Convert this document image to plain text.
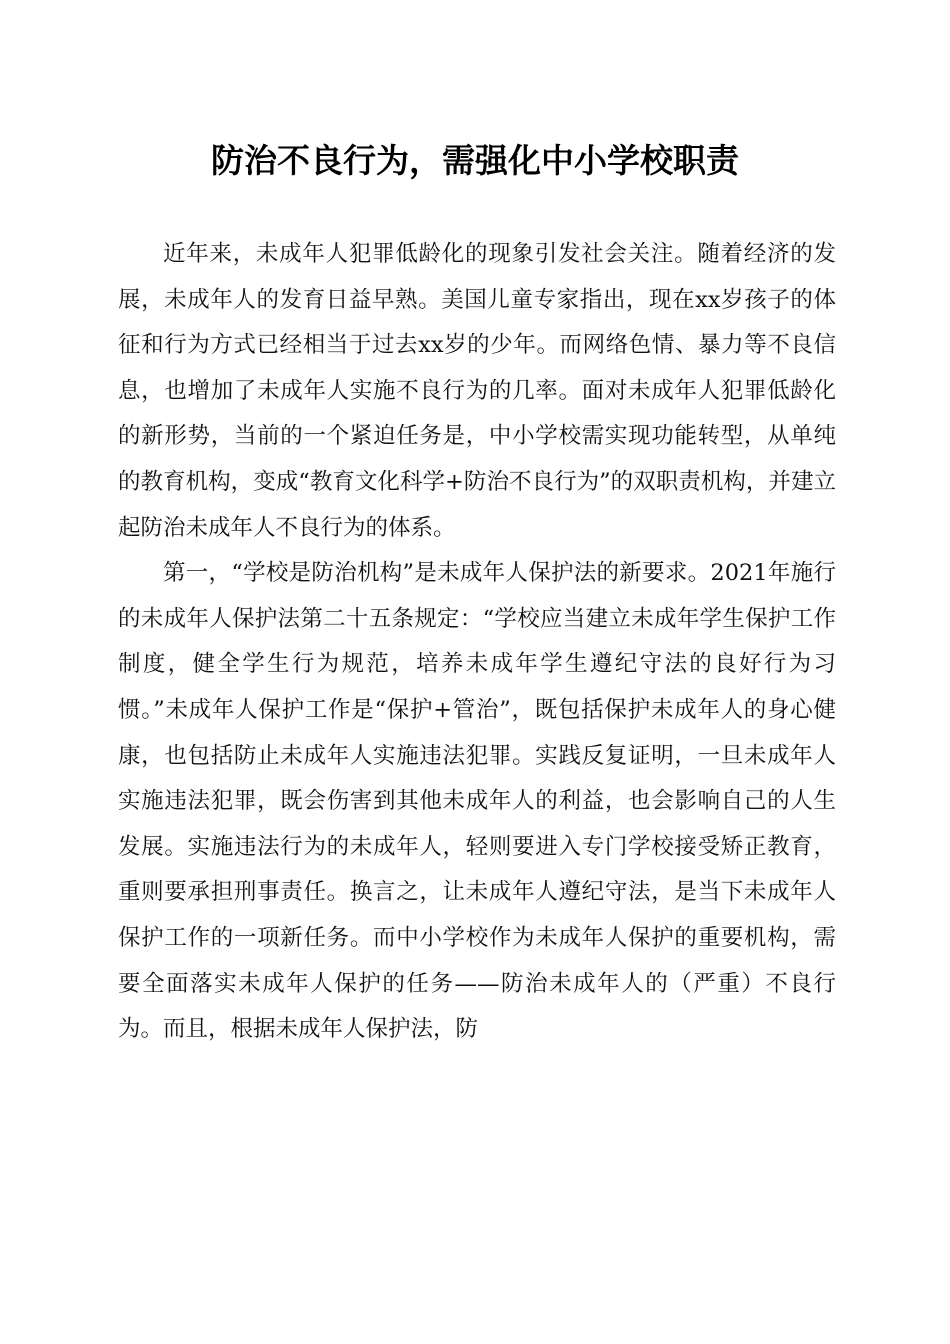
防治不良行为，需强化中小学校职责

近年来，未成年人犯罪低龄化的现象引发社会关注。随着经济的发展，未成年人的发育日益早熟。美国儿童专家指出，现在xx岁孩子的体征和行为方式已经相当于过去xx岁的少年。而网络色情、暴力等不良信息，也增加了未成年人实施不良行为的几率。面对未成年人犯罪低龄化的新形势，当前的一个紧迫任务是，中小学校需实现功能转型，从单纯的教育机构，变成“教育文化科学+防治不良行为”的双职责机构，并建立起防治未成年人不良行为的体系。

第一，“学校是防治机构”是未成年人保护法的新要求。2021年施行的未成年人保护法第二十五条规定：“学校应当建立未成年学生保护工作制度，健全学生行为规范，培养未成年学生遵纪守法的良好行为习惯。”未成年人保护工作是“保护+管治”，既包括保护未成年人的身心健康，也包括防止未成年人实施违法犯罪。实践反复证明，一旦未成年人实施违法犯罪，既会伤害到其他未成年人的利益，也会影响自己的人生发展。实施违法行为的未成年人，轻则要进入专门学校接受矫正教育，重则要承担刑事责任。换言之，让未成年人遵纪守法，是当下未成年人保护工作的一项新任务。而中小学校作为未成年人保护的重要机构，需要全面落实未成年人保护的任务——防治未成年人的（严重）不良行为。而且，根据未成年人保护法，防
